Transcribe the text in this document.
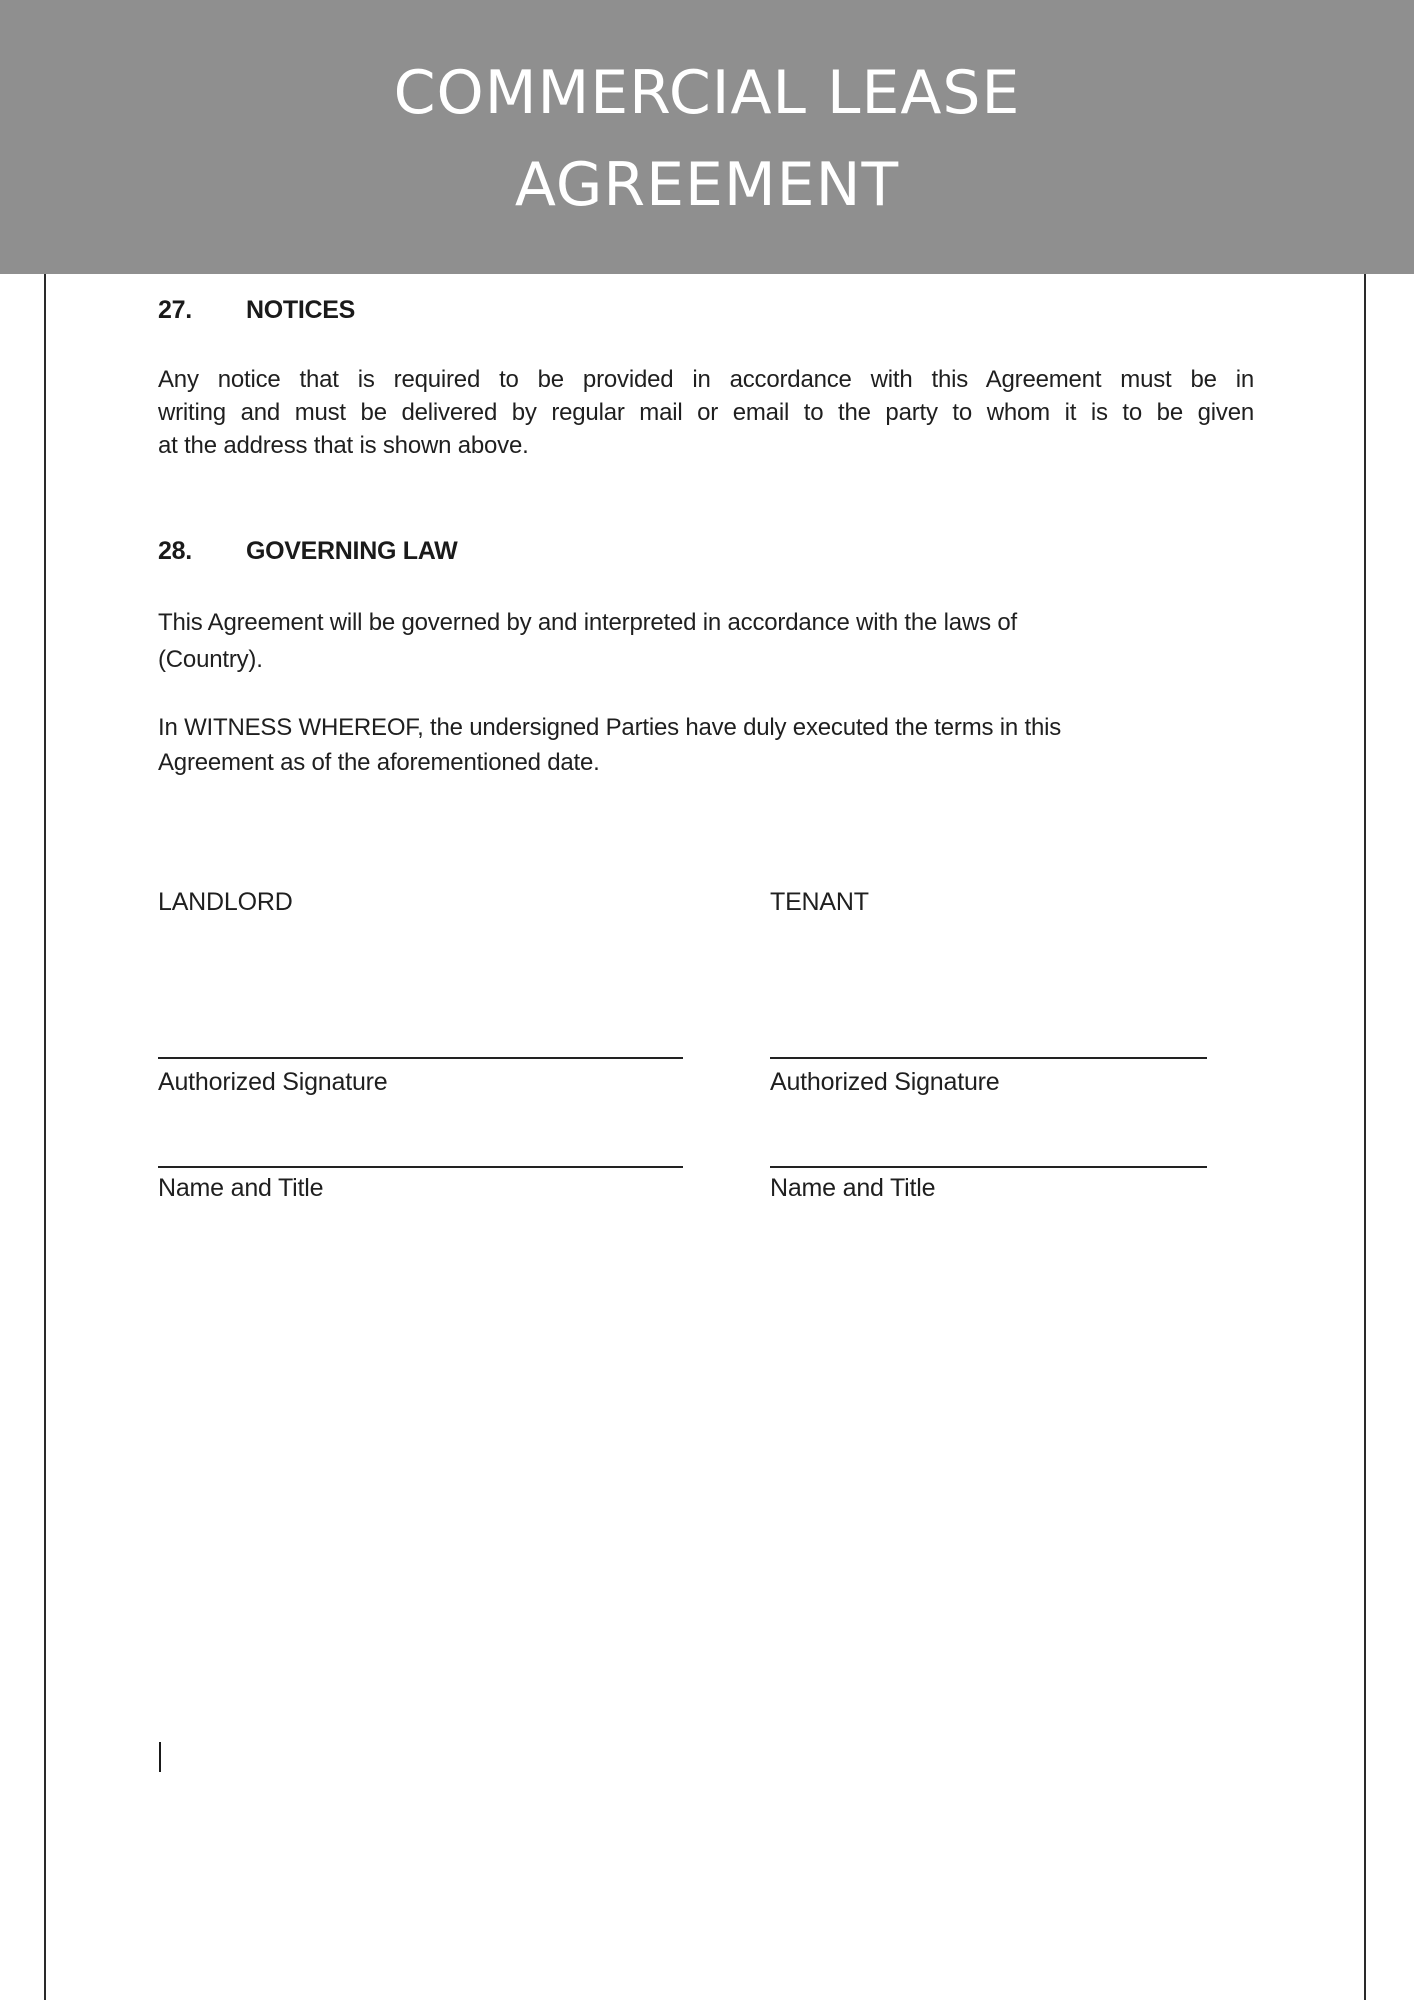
COMMERCIAL LEASE
AGREEMENT
27. NOTICES
Any notice that is required to be provided in accordance with this Agreement must be in
writing and must be delivered by regular mail or email to the party to whom it is to be given
at the address that is shown above.
28. GOVERNING LAW
This Agreement will be governed by and interpreted in accordance with the laws of
(Country).
In WITNESS WHEREOF, the undersigned Parties have duly executed the terms in this
Agreement as of the aforementioned date.
LANDLORD
Authorized Signature
Name and Title
TENANT
Authorized Signature
Name and Title
